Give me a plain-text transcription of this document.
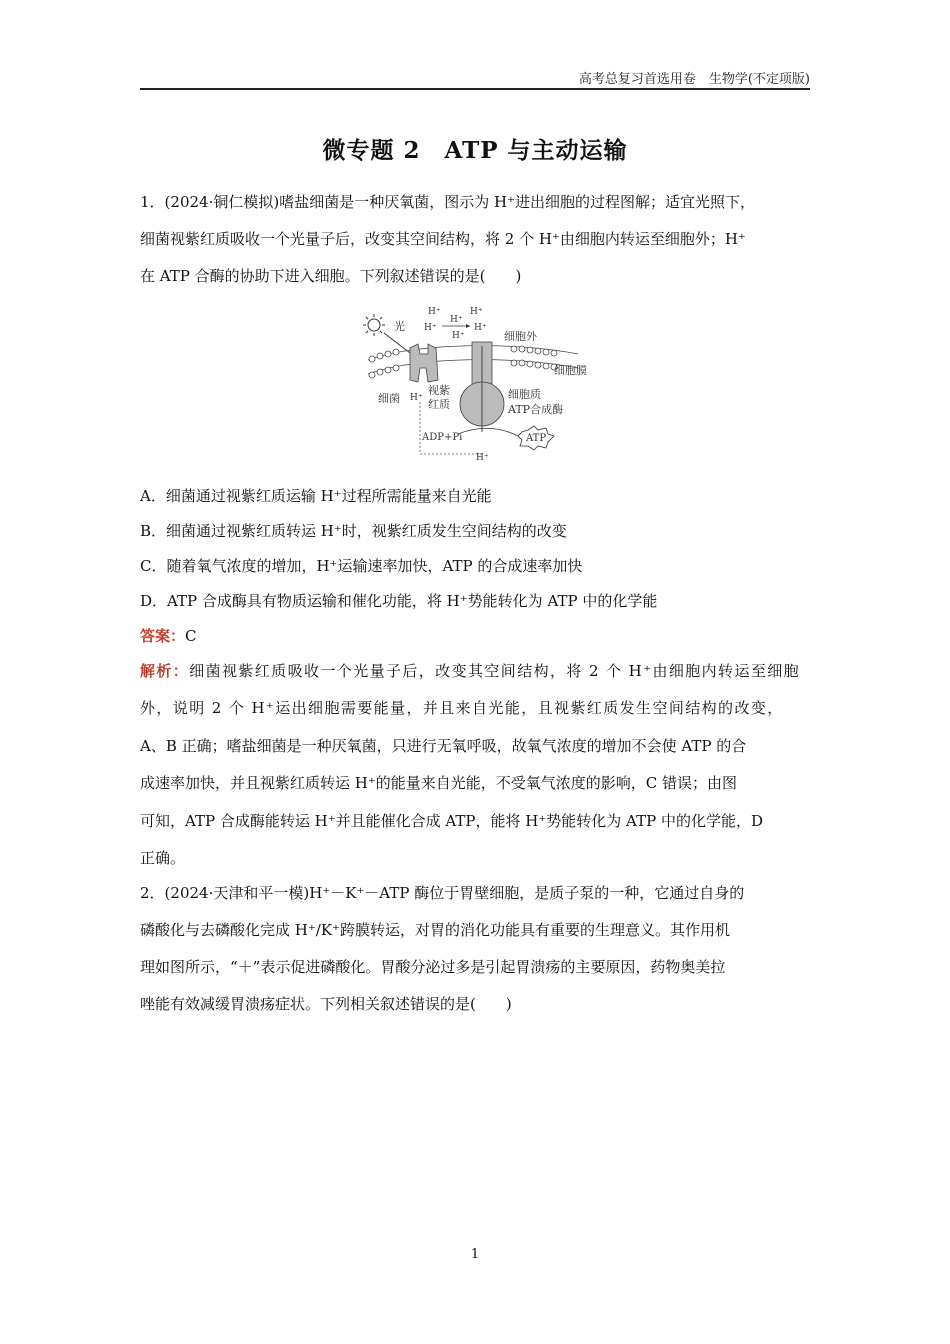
高考总复习首选用卷　生物学(不定项版)
微专题 2　ATP 与主动运输
1．(2024·铜仁模拟)嗜盐细菌是一种厌氧菌，图示为 H⁺进出细胞的过程图解；适宜光照下，
细菌视紫红质吸收一个光量子后，改变其空间结构，将 2 个 H⁺由细胞内转运至细胞外；H⁺
在 ATP 合酶的协助下进入细胞。下列叙述错误的是(　　)
光
H⁺
H⁺
H⁺
H⁺
H⁺
H⁺	细胞外
细胞膜
细菌 H⁺
视紫
红质
细胞质
ATP合成酶
ADP+Pi	ATP
H⁺
A．细菌通过视紫红质运输 H⁺过程所需能量来自光能
B．细菌通过视紫红质转运 H⁺时，视紫红质发生空间结构的改变
C．随着氧气浓度的增加，H⁺运输速率加快，ATP 的合成速率加快
D．ATP 合成酶具有物质运输和催化功能，将 H⁺势能转化为 ATP 中的化学能
答案：C
解析：细菌视紫红质吸收一个光量子后，改变其空间结构，将 2 个 H⁺由细胞内转运至细胞
外，说明 2 个 H⁺运出细胞需要能量，并且来自光能，且视紫红质发生空间结构的改变，
A、B 正确；嗜盐细菌是一种厌氧菌，只进行无氧呼吸，故氧气浓度的增加不会使 ATP 的合
成速率加快，并且视紫红质转运 H⁺的能量来自光能，不受氧气浓度的影响，C 错误；由图
可知，ATP 合成酶能转运 H⁺并且能催化合成 ATP，能将 H⁺势能转化为 ATP 中的化学能，D
正确。
2．(2024·天津和平一模)H⁺－K⁺－ATP 酶位于胃壁细胞，是质子泵的一种，它通过自身的
磷酸化与去磷酸化完成 H⁺/K⁺跨膜转运，对胃的消化功能具有重要的生理意义。其作用机
理如图所示，“＋”表示促进磷酸化。胃酸分泌过多是引起胃溃疡的主要原因，药物奥美拉
唑能有效减缓胃溃疡症状。下列相关叙述错误的是(　　)
1
